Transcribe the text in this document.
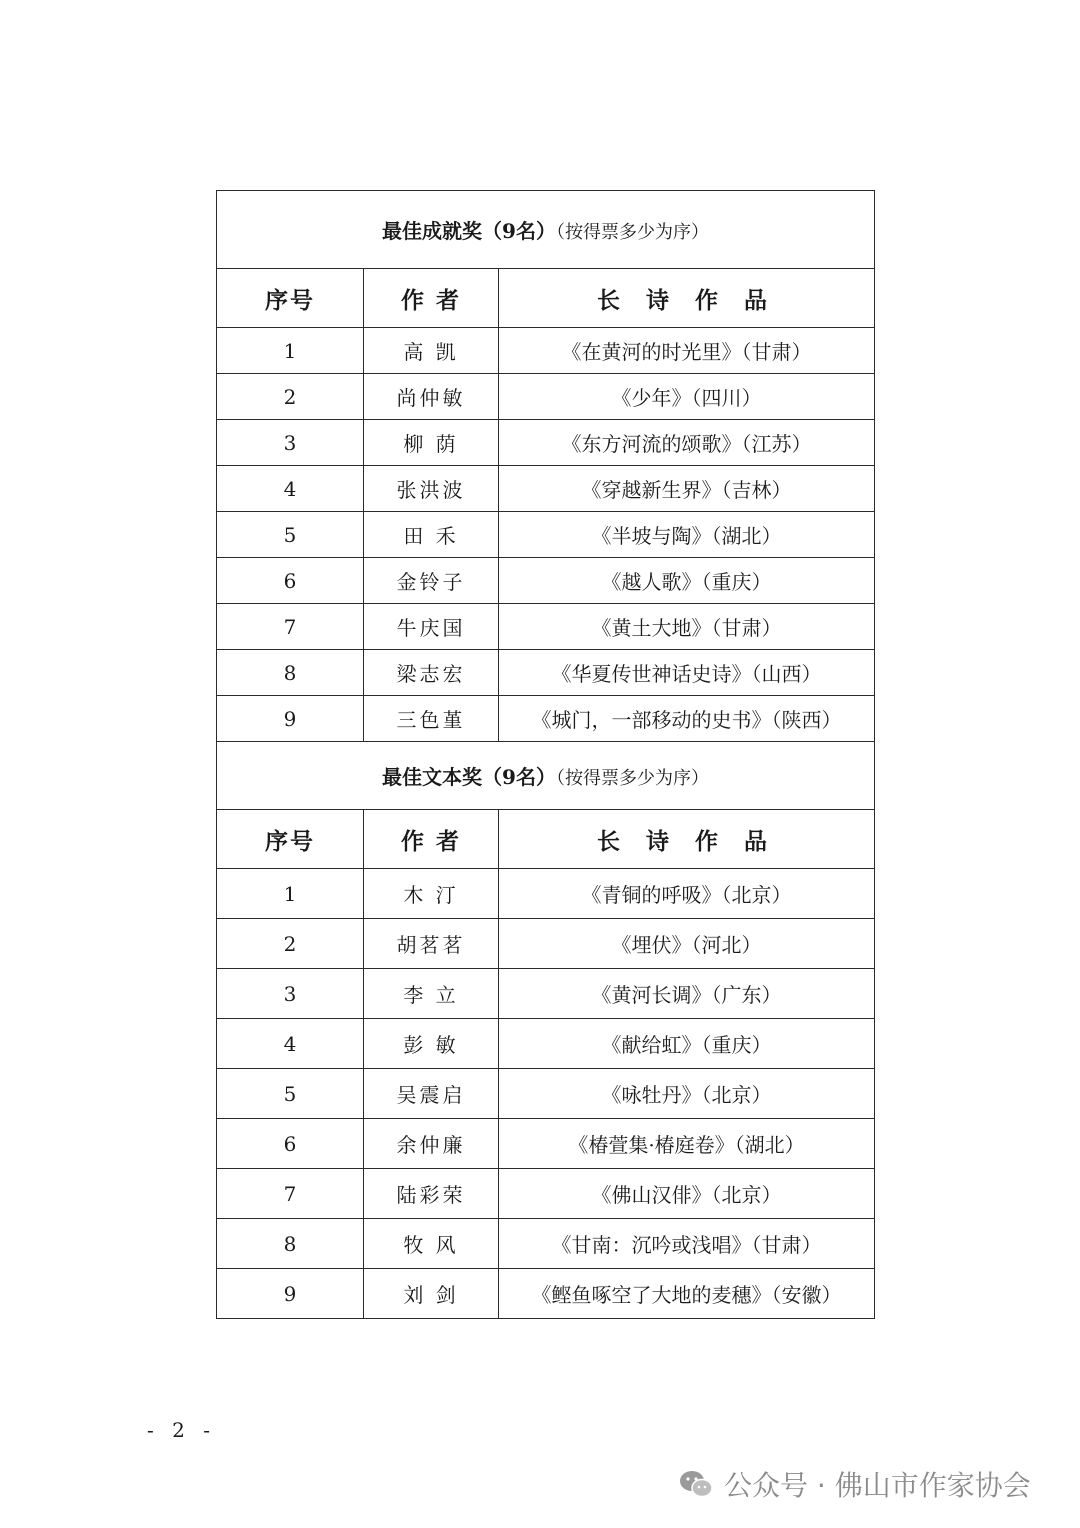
最佳成就奖（9名）（按得票多少为序）		
序号	作 者	长 诗 作 品
1	高 凯	《在黄河的时光里》（甘肃）
2	尚仲敏	《少年》（四川）
3	柳 荫	《东方河流的颂歌》（江苏）
4	张洪波	《穿越新生界》（吉林）
5	田 禾	《半坡与陶》（湖北）
6	金铃子	《越人歌》（重庆）
7	牛庆国	《黄土大地》（甘肃）
8	梁志宏	《华夏传世神话史诗》（山西）
9	三色堇	《城门，一部移动的史书》（陕西）
最佳文本奖（9名）（按得票多少为序）		
序号	作 者	长 诗 作 品
1	木 汀	《青铜的呼吸》（北京）
2	胡茗茗	《埋伏》（河北）
3	李 立	《黄河长调》（广东）
4	彭 敏	《献给虹》（重庆）
5	吴震启	《咏牡丹》（北京）
6	余仲廉	《椿萱集·椿庭卷》（湖北）
7	陆彩荣	《佛山汉俳》（北京）
8	牧 风	《甘南：沉吟或浅唱》（甘肃）
9	刘 剑	《鲣鱼啄空了大地的麦穗》（安徽）
- 2 -
公众号 · 佛山市作家协会
